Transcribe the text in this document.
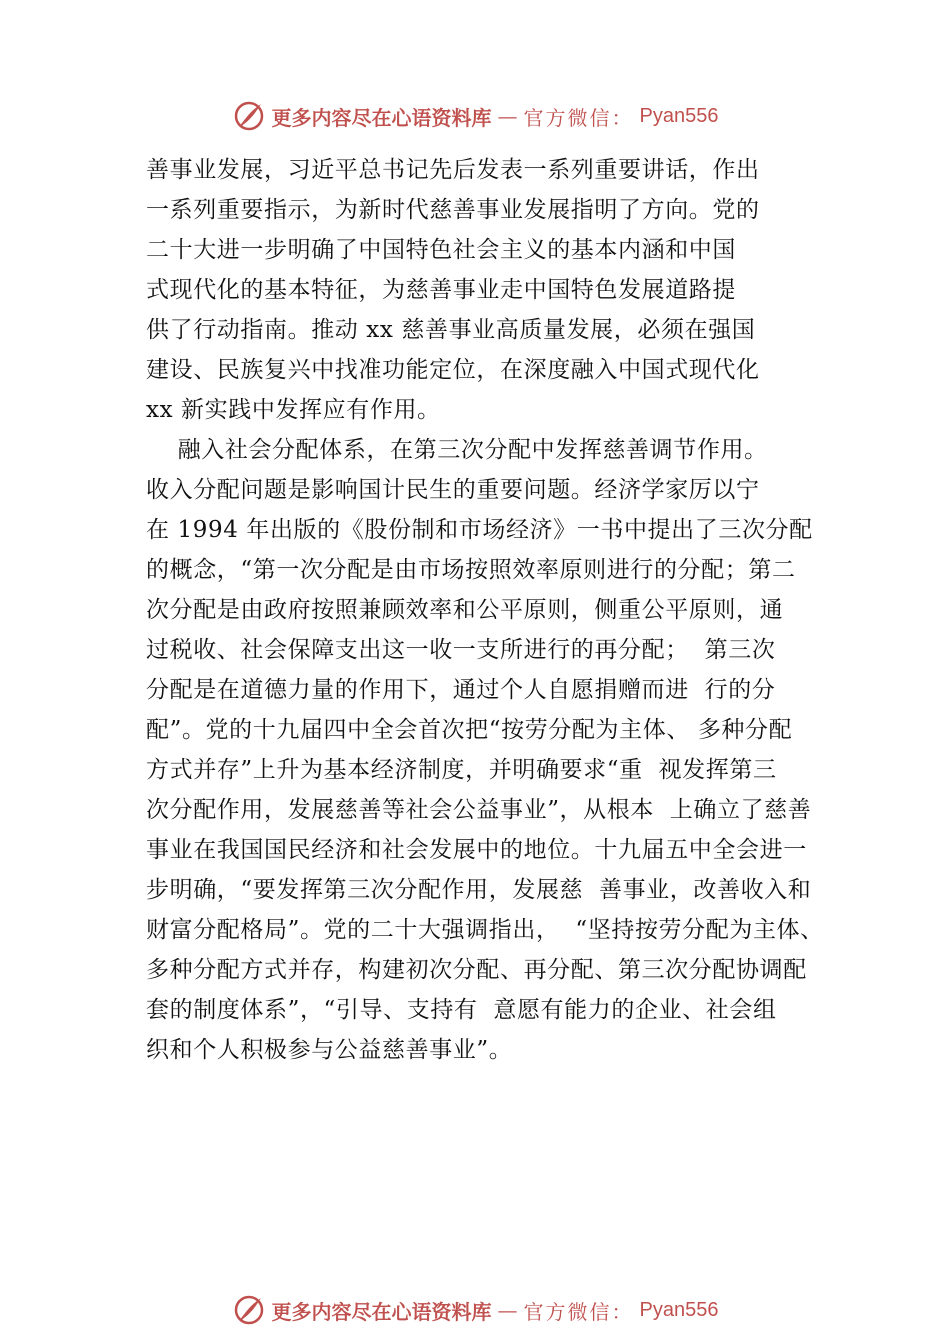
更多内容尽在心语资料库 — 官方微信： Pyan556
善事业发展，习近平总书记先后发表一系列重要讲话，作出
一系列重要指示，为新时代慈善事业发展指明了方向。党的
二十大进一步明确了中国特色社会主义的基本内涵和中国
式现代化的基本特征，为慈善事业走中国特色发展道路提
供了行动指南。推动 xx 慈善事业高质量发展，必须在强国
建设、民族复兴中找准功能定位，在深度融入中国式现代化
xx 新实践中发挥应有作用。
融入社会分配体系，在第三次分配中发挥慈善调节作用。
收入分配问题是影响国计民生的重要问题。经济学家厉以宁
在 1994 年出版的《股份制和市场经济》一书中提出了三次分配
的概念，“第一次分配是由市场按照效率原则进行的分配；第二
次分配是由政府按照兼顾效率和公平原则，侧重公平原则，通
过税收、社会保障支出这一收一支所进行的再分配；  第三次
分配是在道德力量的作用下，通过个人自愿捐赠而进  行的分
配”。党的十九届四中全会首次把“按劳分配为主体、 多种分配
方式并存”上升为基本经济制度，并明确要求“重  视发挥第三
次分配作用，发展慈善等社会公益事业”，从根本  上确立了慈善
事业在我国国民经济和社会发展中的地位。十九届五中全会进一
步明确，“要发挥第三次分配作用，发展慈  善事业，改善收入和
财富分配格局”。党的二十大强调指出，  “坚持按劳分配为主体、
多种分配方式并存，构建初次分配、再分配、第三次分配协调配
套的制度体系”，“引导、支持有  意愿有能力的企业、社会组
织和个人积极参与公益慈善事业”。
更多内容尽在心语资料库 — 官方微信： Pyan556
